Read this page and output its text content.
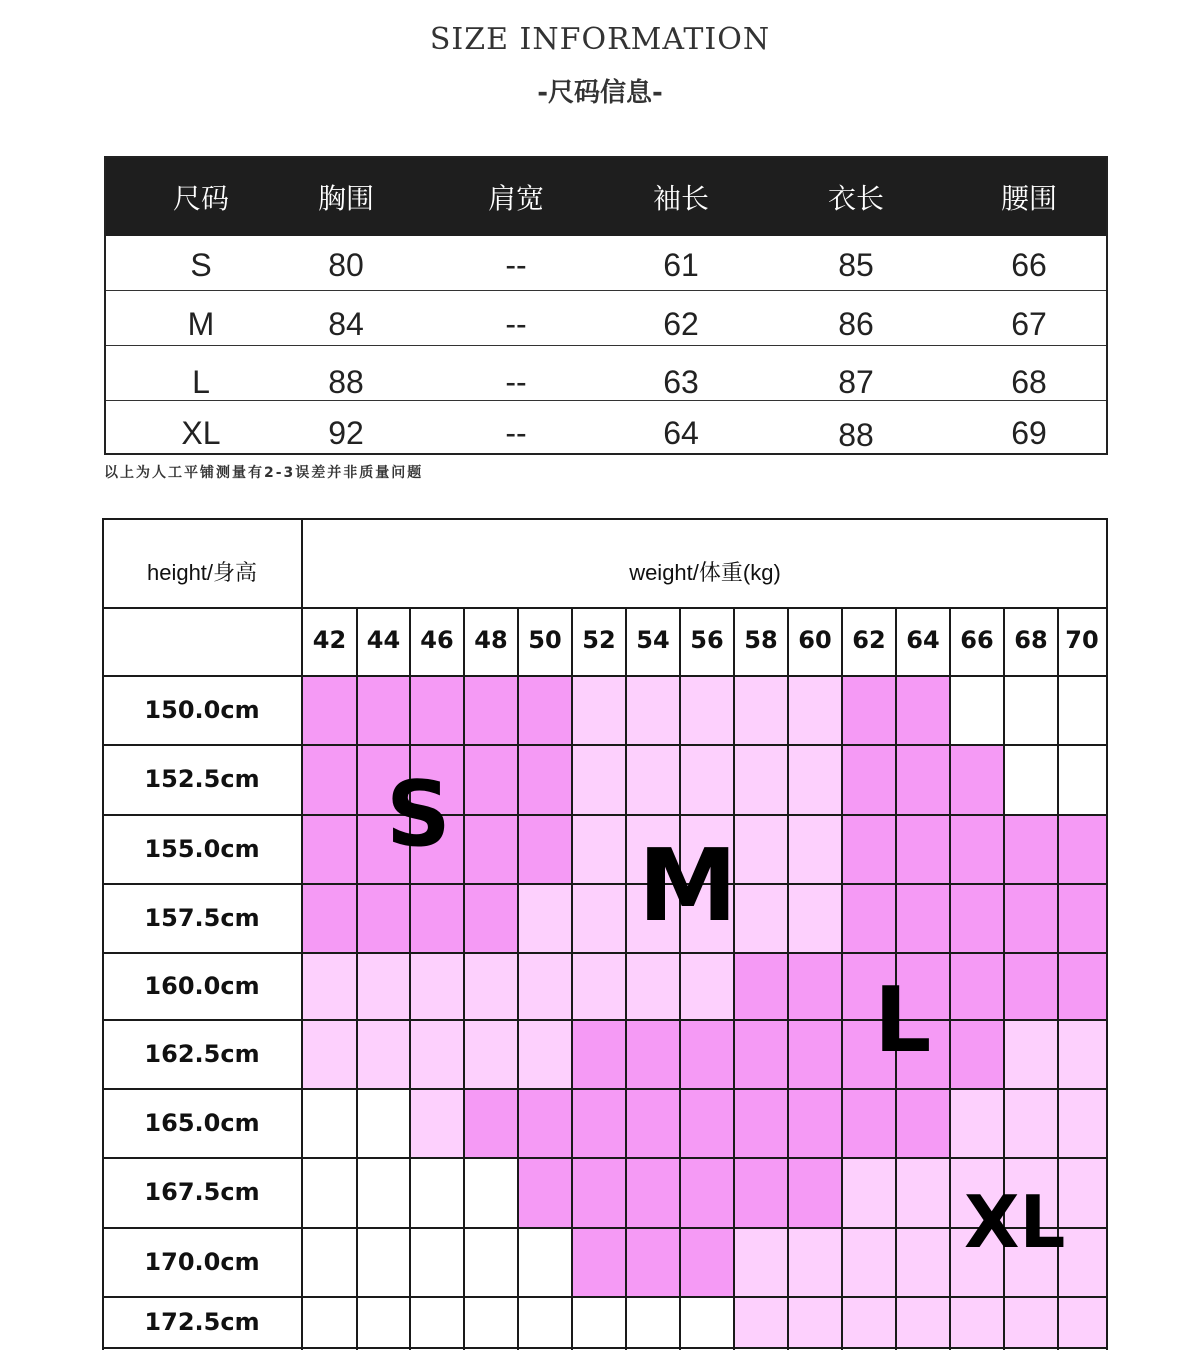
SIZE INFORMATION
-尺码信息-
尺码	胸围	肩宽	袖长	衣长	腰围
S	80	--	61	85	66
M	84	--	62	86	67
L	88	--	63	87	68
XL	92	--	64	88	69
以上为人工平铺测量有2-3误差并非质量问题
height/身高	weight/体重(kg)
42 44 46 48 50 52 54 56 58 60 62 64 66 68 70
150.0cm
152.5cm
155.0cm
157.5cm
160.0cm
162.5cm
165.0cm
167.5cm
170.0cm
172.5cm
S
M
L
XL
